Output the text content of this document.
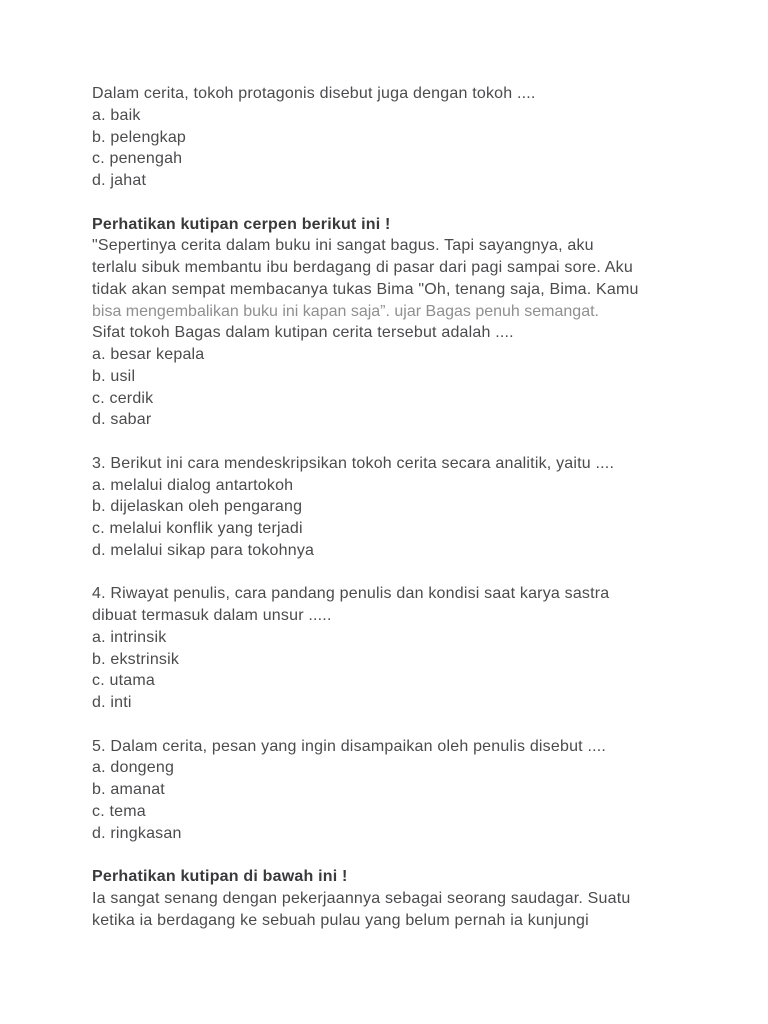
Dalam cerita, tokoh protagonis disebut juga dengan tokoh ....
a. baik
b. pelengkap
c. penengah
d. jahat
Perhatikan kutipan cerpen berikut ini !
"Sepertinya cerita dalam buku ini sangat bagus. Tapi sayangnya, aku
terlalu sibuk membantu ibu berdagang di pasar dari pagi sampai sore. Aku
tidak akan sempat membacanya tukas Bima "Oh, tenang saja, Bima. Kamu
bisa mengembalikan buku ini kapan saja”. ujar Bagas penuh semangat.
Sifat tokoh Bagas dalam kutipan cerita tersebut adalah ....
a. besar kepala
b. usil
c. cerdik
d. sabar
3. Berikut ini cara mendeskripsikan tokoh cerita secara analitik, yaitu ....
a. melalui dialog antartokoh
b. dijelaskan oleh pengarang
c. melalui konflik yang terjadi
d. melalui sikap para tokohnya
4. Riwayat penulis, cara pandang penulis dan kondisi saat karya sastra
dibuat termasuk dalam unsur .....
a. intrinsik
b. ekstrinsik
c. utama
d. inti
5. Dalam cerita, pesan yang ingin disampaikan oleh penulis disebut ....
a. dongeng
b. amanat
c. tema
d. ringkasan
Perhatikan kutipan di bawah ini !
Ia sangat senang dengan pekerjaannya sebagai seorang saudagar. Suatu
ketika ia berdagang ke sebuah pulau yang belum pernah ia kunjungi
